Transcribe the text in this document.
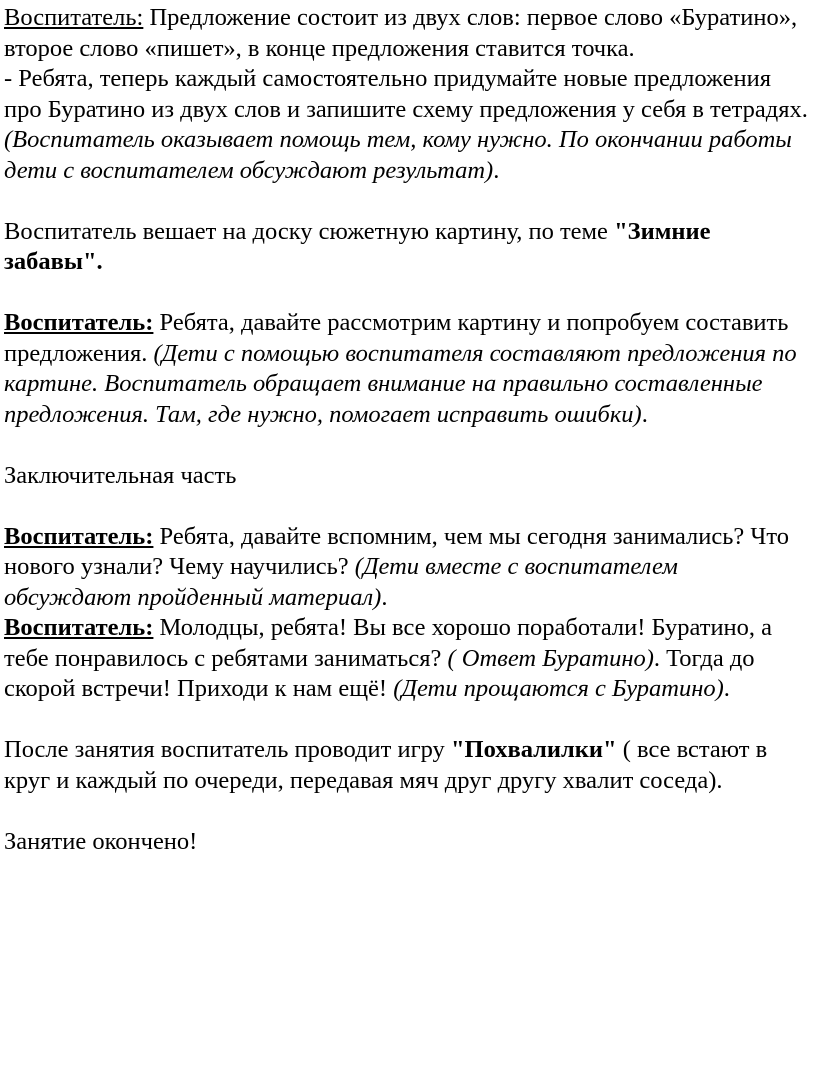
Воспитатель: Предложение состоит из двух слов: первое слово «Буратино», второе слово «пишет», в конце предложения ставится точка.

- Ребята, теперь каждый самостоятельно придумайте новые предложения про Буратино из двух слов и запишите схему предложения у себя в тетрадях. (Воспитатель оказывает помощь тем, кому нужно. По окончании работы дети с воспитателем обсуждают результат).

Воспитатель вешает на доску сюжетную картину, по теме "Зимние забавы".

Воспитатель: Ребята, давайте рассмотрим картину и попробуем составить предложения. (Дети с помощью воспитателя составляют предложения по картине. Воспитатель обращает внимание на правильно составленные предложения. Там, где нужно, помогает исправить ошибки).

Заключительная часть

Воспитатель: Ребята, давайте вспомним, чем мы сегодня занимались? Что нового узнали? Чему научились? (Дети вместе с воспитателем обсуждают пройденный материал).

Воспитатель: Молодцы, ребята! Вы все хорошо поработали! Буратино, а тебе понравилось с ребятами заниматься? ( Ответ Буратино). Тогда до скорой встречи! Приходи к нам ещё! (Дети прощаются с Буратино).

После занятия воспитатель проводит игру "Похвалилки" ( все встают в круг и каждый по очереди, передавая мяч друг другу хвалит соседа).

Занятие окончено!
